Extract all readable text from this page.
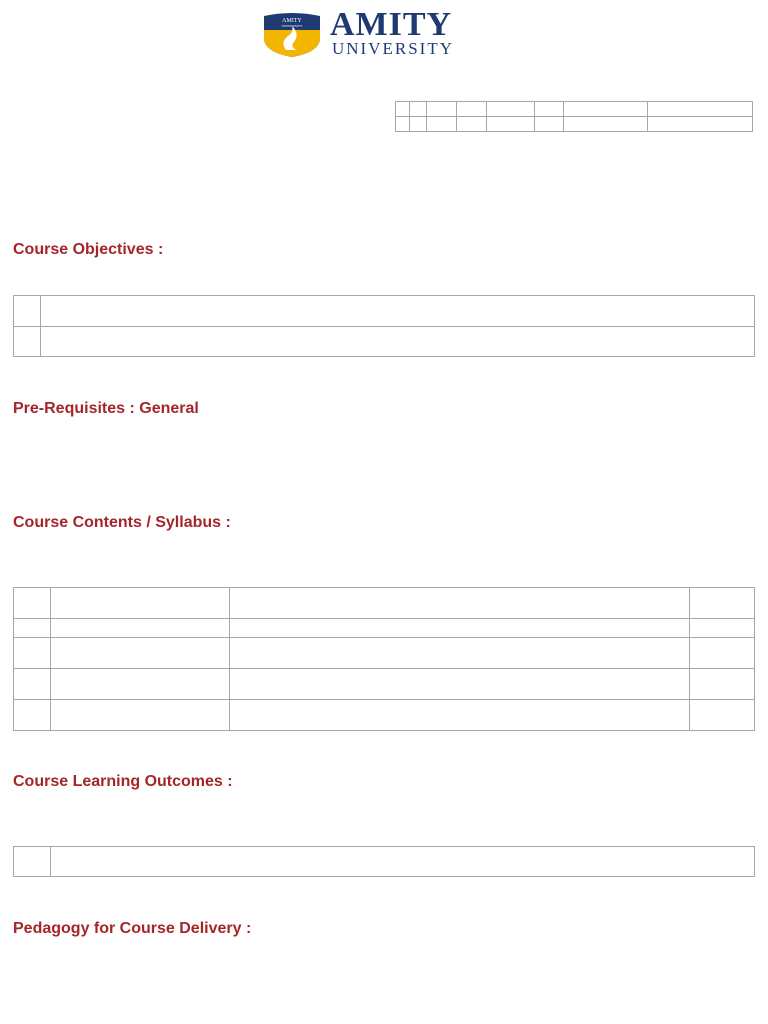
AMITY
UNIVERSITY AMITY
UNIVERSITY

Course Objectives :

Pre-Requisites : General
Course Contents / Syllabus :

Course Learning Outcomes :

Pedagogy for Course Delivery :
